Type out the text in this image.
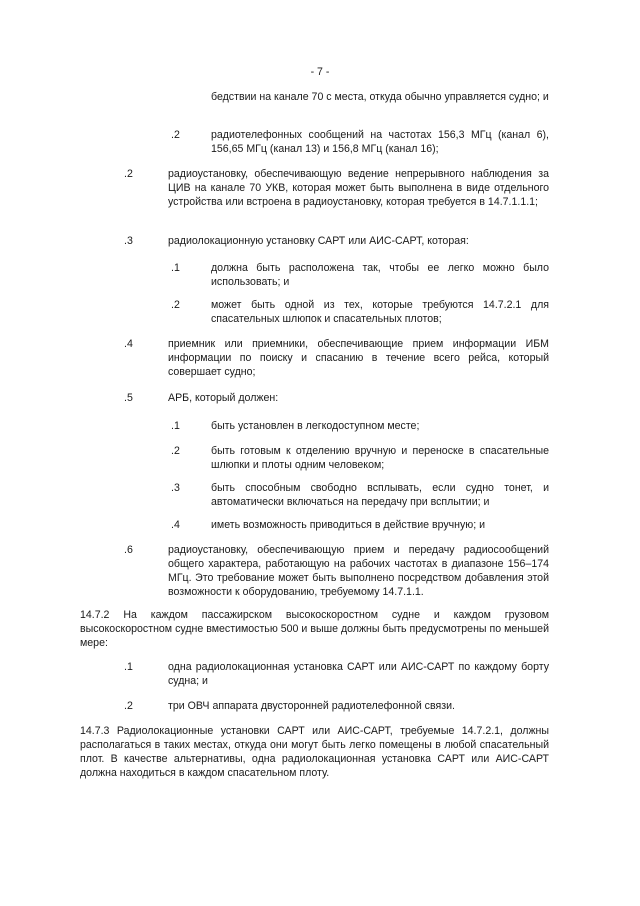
- 7 -
бедствии на канале 70 с места, откуда обычно управляется судно; и
.2	радиотелефонных сообщений на частотах 156,3 МГц (канал 6), 156,65 МГц (канал 13) и 156,8 МГц (канал 16);
.2	радиоустановку, обеспечивающую ведение непрерывного наблюдения за ЦИВ на канале 70 УКВ, которая может быть выполнена в виде отдельного устройства или встроена в радиоустановку, которая требуется в 14.7.1.1.1;
.3	радиолокационную установку САРТ или АИС-САРТ, которая:
.1	должна быть расположена так, чтобы ее легко можно было использовать; и
.2	может быть одной из тех, которые требуются 14.7.2.1 для спасательных шлюпок и спасательных плотов;
.4	приемник или приемники, обеспечивающие прием информации ИБМ информации по поиску и спасанию в течение всего рейса, который совершает судно;
.5	АРБ, который должен:
.1	быть установлен в легкодоступном месте;
.2	быть готовым к отделению вручную и переноске в спасательные шлюпки и плоты одним человеком;
.3	быть способным свободно всплывать, если судно тонет, и автоматически включаться на передачу при всплытии; и
.4	иметь возможность приводиться в действие вручную; и
.6	радиоустановку, обеспечивающую прием и передачу радиосообщений общего характера, работающую на рабочих частотах в диапазоне 156–174 МГц. Это требование может быть выполнено посредством добавления этой возможности к оборудованию, требуемому 14.7.1.1.
14.7.2 На каждом пассажирском высокоскоростном судне и каждом грузовом высокоскоростном судне вместимостью 500 и выше должны быть предусмотрены по меньшей мере:
.1	одна радиолокационная установка САРТ или АИС-САРТ по каждому борту судна; и
.2	три ОВЧ аппарата двусторонней радиотелефонной связи.
14.7.3 Радиолокационные установки САРТ или АИС-САРТ, требуемые 14.7.2.1, должны располагаться в таких местах, откуда они могут быть легко помещены в любой спасательный плот. В качестве альтернативы, одна радиолокационная установка САРТ или АИС-САРТ должна находиться в каждом спасательном плоту.
